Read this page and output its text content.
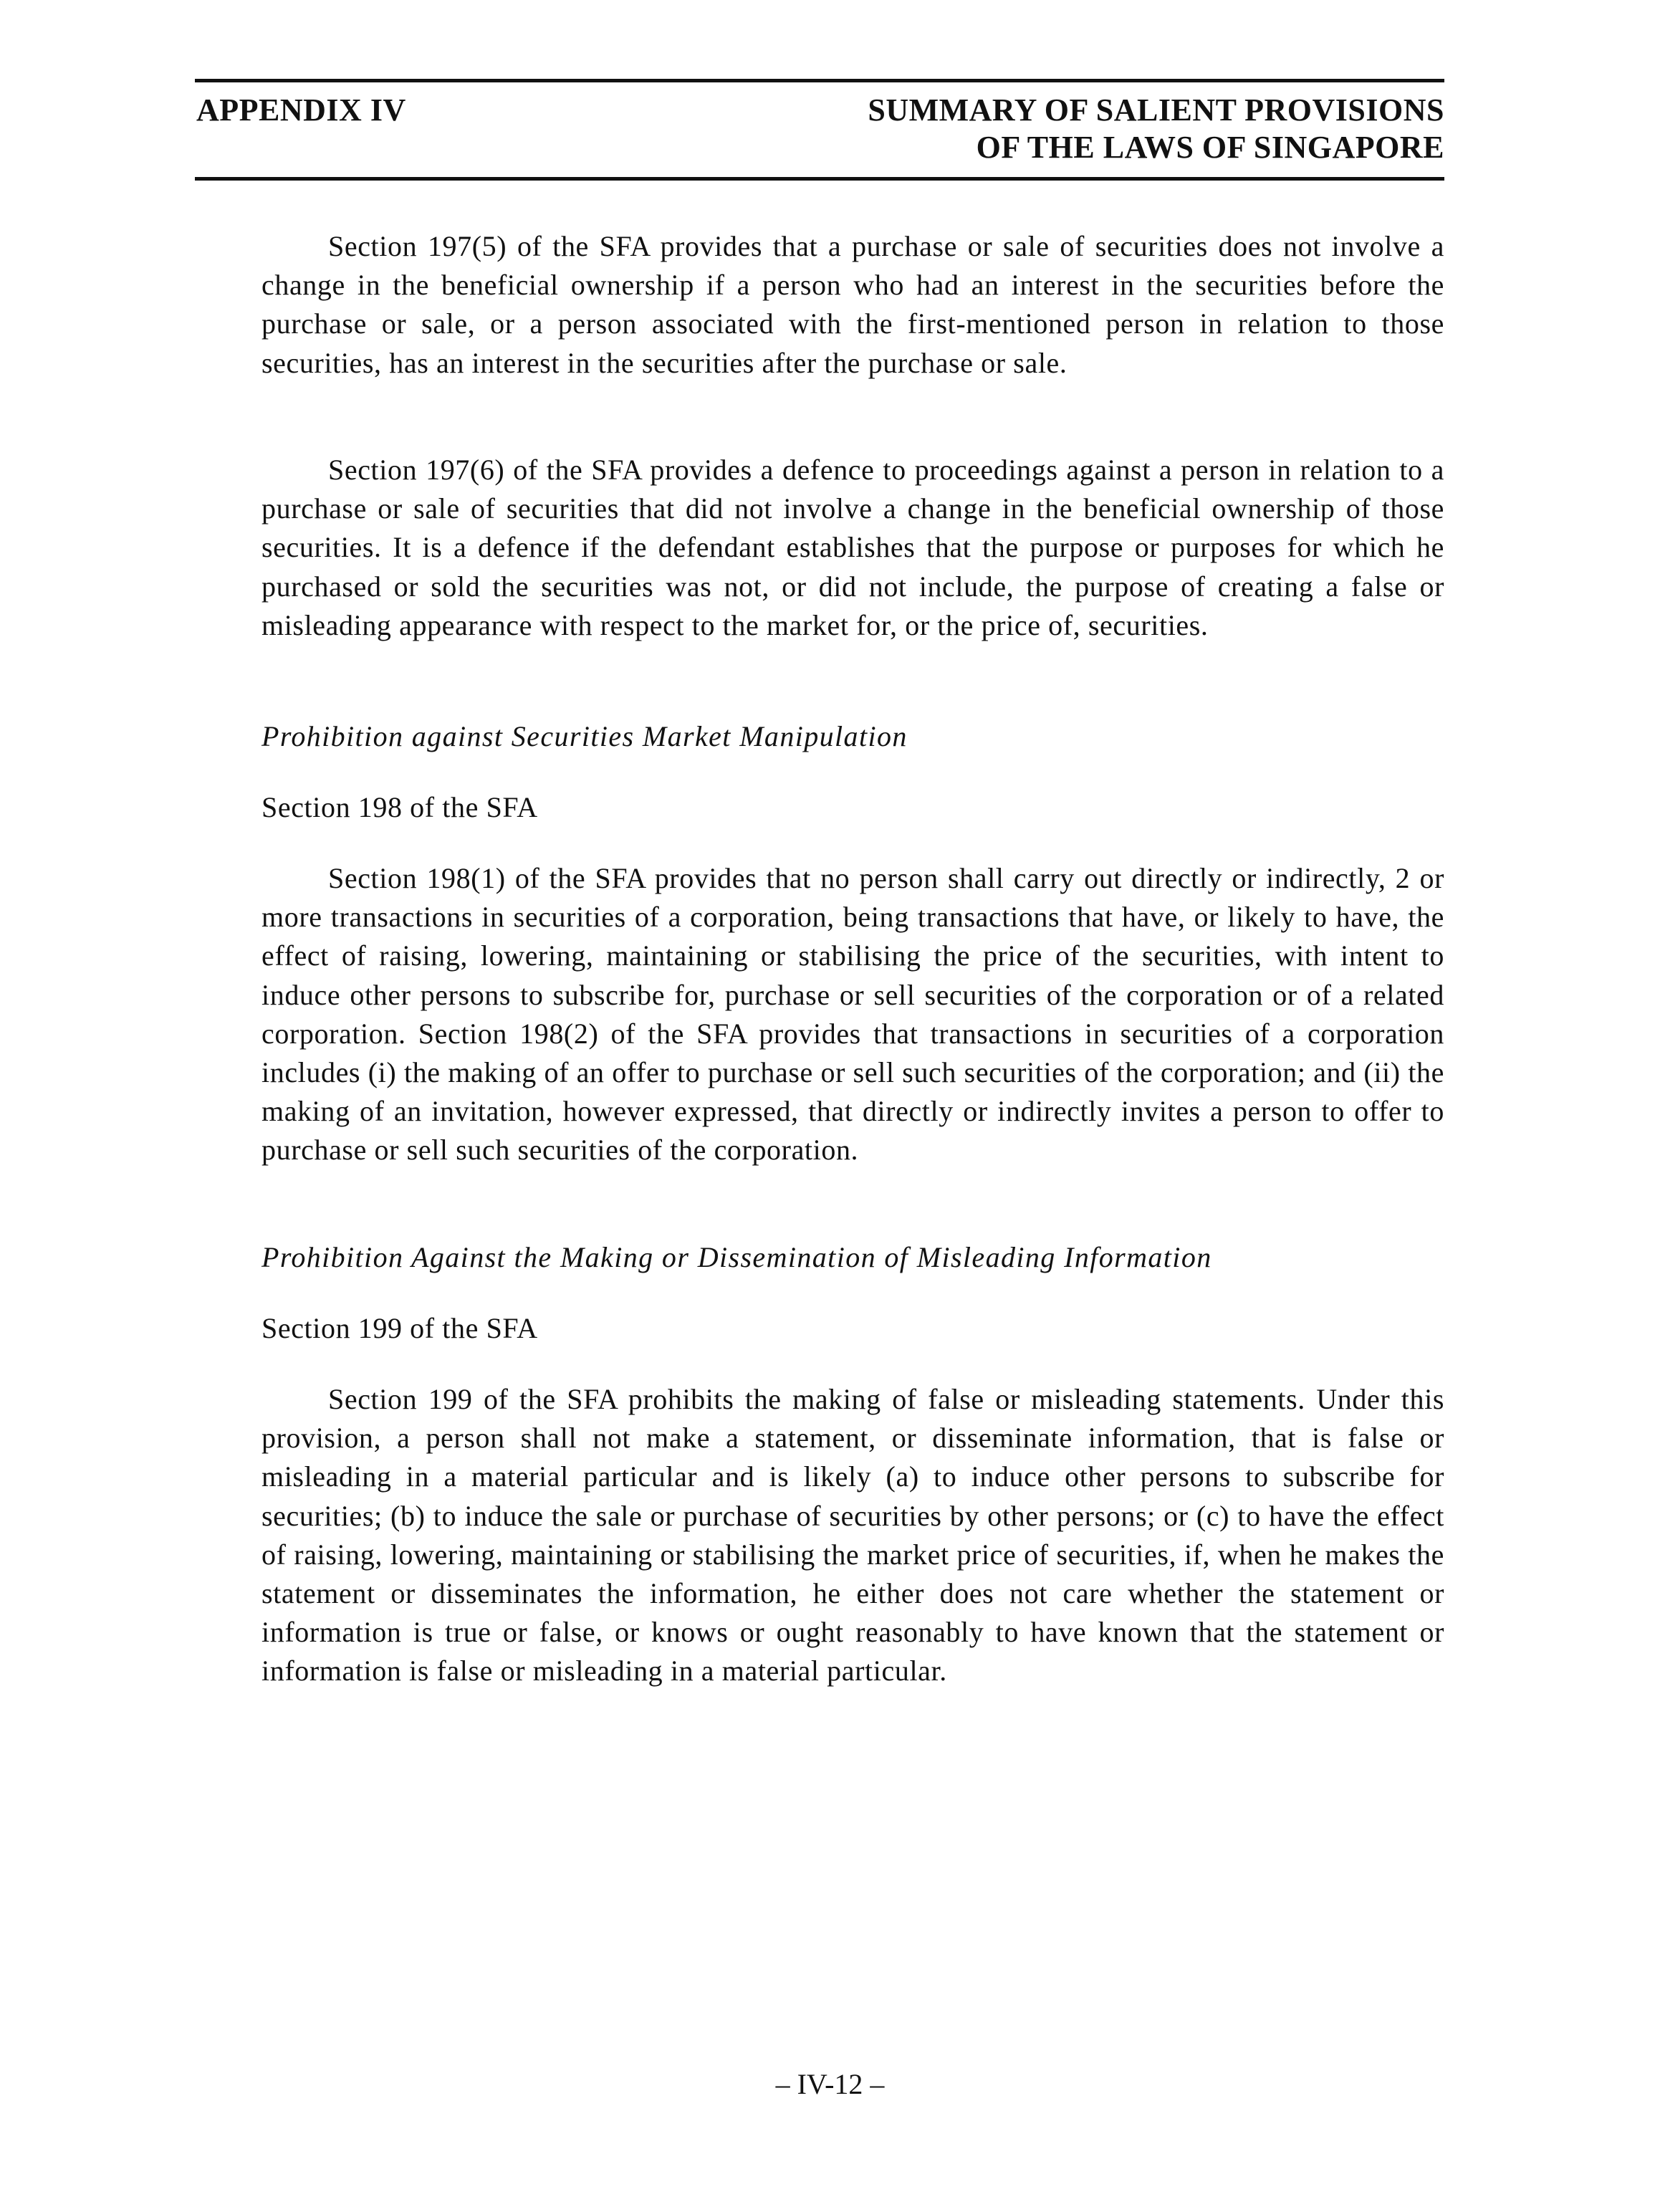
APPENDIX IV	SUMMARY OF SALIENT PROVISIONS
OF THE LAWS OF SINGAPORE

Section 197(5) of the SFA provides that a purchase or sale of securities does not involve a change in the beneficial ownership if a person who had an interest in the securities before the purchase or sale, or a person associated with the first-mentioned person in relation to those securities, has an interest in the securities after the purchase or sale.

Section 197(6) of the SFA provides a defence to proceedings against a person in relation to a purchase or sale of securities that did not involve a change in the beneficial ownership of those securities. It is a defence if the defendant establishes that the purpose or purposes for which he purchased or sold the securities was not, or did not include, the purpose of creating a false or misleading appearance with respect to the market for, or the price of, securities.

Prohibition against Securities Market Manipulation

Section 198 of the SFA

Section 198(1) of the SFA provides that no person shall carry out directly or indirectly, 2 or more transactions in securities of a corporation, being transactions that have, or likely to have, the effect of raising, lowering, maintaining or stabilising the price of the securities, with intent to induce other persons to subscribe for, purchase or sell securities of the corporation or of a related corporation. Section 198(2) of the SFA provides that transactions in securities of a corporation includes (i) the making of an offer to purchase or sell such securities of the corporation; and (ii) the making of an invitation, however expressed, that directly or indirectly invites a person to offer to purchase or sell such securities of the corporation.

Prohibition Against the Making or Dissemination of Misleading Information

Section 199 of the SFA

Section 199 of the SFA prohibits the making of false or misleading statements. Under this provision, a person shall not make a statement, or disseminate information, that is false or misleading in a material particular and is likely (a) to induce other persons to subscribe for securities; (b) to induce the sale or purchase of securities by other persons; or (c) to have the effect of raising, lowering, maintaining or stabilising the market price of securities, if, when he makes the statement or disseminates the information, he either does not care whether the statement or information is true or false, or knows or ought reasonably to have known that the statement or information is false or misleading in a material particular.

– IV-12 –
